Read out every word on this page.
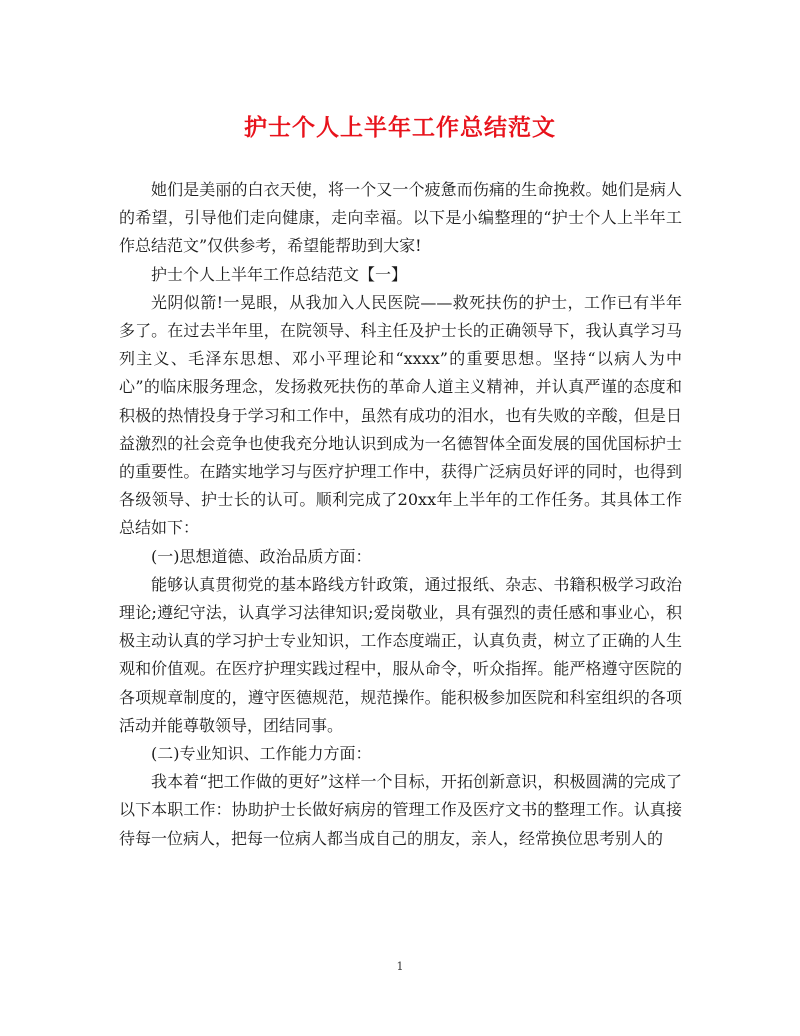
护士个人上半年工作总结范文

她们是美丽的白衣天使，将一个又一个疲惫而伤痛的生命挽救。她们是病人的希望，引导他们走向健康，走向幸福。以下是小编整理的“护士个人上半年工作总结范文”仅供参考，希望能帮助到大家!

护士个人上半年工作总结范文【一】

光阴似箭!一晃眼，从我加入人民医院——救死扶伤的护士，工作已有半年多了。在过去半年里，在院领导、科主任及护士长的正确领导下，我认真学习马列主义、毛泽东思想、邓小平理论和“xxxx”的重要思想。坚持“以病人为中心”的临床服务理念，发扬救死扶伤的革命人道主义精神，并认真严谨的态度和积极的热情投身于学习和工作中，虽然有成功的泪水，也有失败的辛酸，但是日益激烈的社会竞争也使我充分地认识到成为一名德智体全面发展的国优国标护士的重要性。在踏实地学习与医疗护理工作中，获得广泛病员好评的同时，也得到各级领导、护士长的认可。顺利完成了20xx年上半年的工作任务。其具体工作总结如下：

(一)思想道德、政治品质方面：

能够认真贯彻党的基本路线方针政策，通过报纸、杂志、书籍积极学习政治理论;遵纪守法，认真学习法律知识;爱岗敬业，具有强烈的责任感和事业心，积极主动认真的学习护士专业知识，工作态度端正，认真负责，树立了正确的人生观和价值观。在医疗护理实践过程中，服从命令，听众指挥。能严格遵守医院的各项规章制度的，遵守医德规范，规范操作。能积极参加医院和科室组织的各项活动并能尊敬领导，团结同事。

(二)专业知识、工作能力方面：

我本着“把工作做的更好”这样一个目标，开拓创新意识，积极圆满的完成了以下本职工作：协助护士长做好病房的管理工作及医疗文书的整理工作。认真接待每一位病人，把每一位病人都当成自己的朋友，亲人，经常换位思考别人的

1
